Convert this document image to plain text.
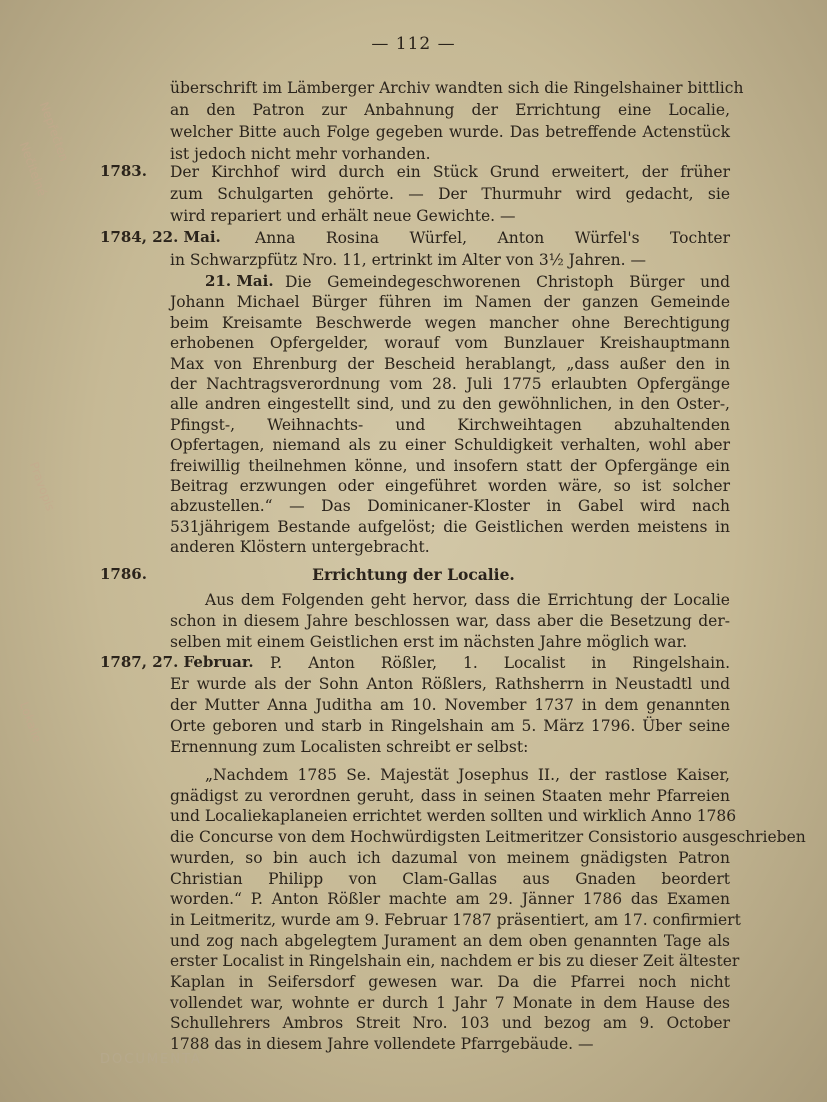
— 112 —
Nepřečten
Nečitelné
Pravopis
Lokalie
DOCUMENTA
überschrift im Lämberger Archiv wandten sich die Ringelshainer bittlich
an den Patron zur Anbahnung der Errichtung eine Localie,
welcher Bitte auch Folge gegeben wurde. Das betreffende Actenstück
ist jedoch nicht mehr vorhanden.
1783. Der Kirchhof wird durch ein Stück Grund erweitert, der früher
zum Schulgarten gehörte. — Der Thurmuhr wird gedacht, sie
wird repariert und erhält neue Gewichte. —
1784, 22. Mai. Anna Rosina Würfel, Anton Würfel's Tochter
in Schwarzpfütz Nro. 11, ertrinkt im Alter von 3½ Jahren. —
21. Mai. Die Gemeindegeschworenen Christoph Bürger und
Johann Michael Bürger führen im Namen der ganzen Gemeinde
beim Kreisamte Beschwerde wegen mancher ohne Berechtigung
erhobenen Opfergelder, worauf vom Bunzlauer Kreishauptmann
Max von Ehrenburg der Bescheid herablangt, „dass außer den in
der Nachtragsverordnung vom 28. Juli 1775 erlaubten Opfergänge
alle andren eingestellt sind, und zu den gewöhnlichen, in den Oster-,
Pfingst-, Weihnachts- und Kirchweihtagen abzuhaltenden
Opfertagen, niemand als zu einer Schuldigkeit verhalten, wohl aber
freiwillig theilnehmen könne, und insofern statt der Opfergänge ein
Beitrag erzwungen oder eingeführet worden wäre, so ist solcher
abzustellen.“ — Das Dominicaner-Kloster in Gabel wird nach
531jährigem Bestande aufgelöst; die Geistlichen werden meistens in
anderen Klöstern untergebracht.
1786.	Errichtung der Localie.
Aus dem Folgenden geht hervor, dass die Errichtung der Localie
schon in diesem Jahre beschlossen war, dass aber die Besetzung der-
selben mit einem Geistlichen erst im nächsten Jahre möglich war.
1787, 27. Februar. P. Anton Rößler, 1. Localist in Ringelshain.
Er wurde als der Sohn Anton Rößlers, Rathsherrn in Neustadtl und
der Mutter Anna Juditha am 10. November 1737 in dem genannten
Orte geboren und starb in Ringelshain am 5. März 1796. Über seine
Ernennung zum Localisten schreibt er selbst:
„Nachdem 1785 Se. Majestät Josephus II., der rastlose Kaiser,
gnädigst zu verordnen geruht, dass in seinen Staaten mehr Pfarreien
und Localiekaplaneien errichtet werden sollten und wirklich Anno 1786
die Concurse von dem Hochwürdigsten Leitmeritzer Consistorio ausgeschrieben
wurden, so bin auch ich dazumal von meinem gnädigsten Patron
Christian Philipp von Clam-Gallas aus Gnaden beordert
worden.“ P. Anton Rößler machte am 29. Jänner 1786 das Examen
in Leitmeritz, wurde am 9. Februar 1787 präsentiert, am 17. confirmiert
und zog nach abgelegtem Jurament an dem oben genannten Tage als
erster Localist in Ringelshain ein, nachdem er bis zu dieser Zeit ältester
Kaplan in Seifersdorf gewesen war. Da die Pfarrei noch nicht
vollendet war, wohnte er durch 1 Jahr 7 Monate in dem Hause des
Schullehrers Ambros Streit Nro. 103 und bezog am 9. October
1788 das in diesem Jahre vollendete Pfarrgebäude. —
